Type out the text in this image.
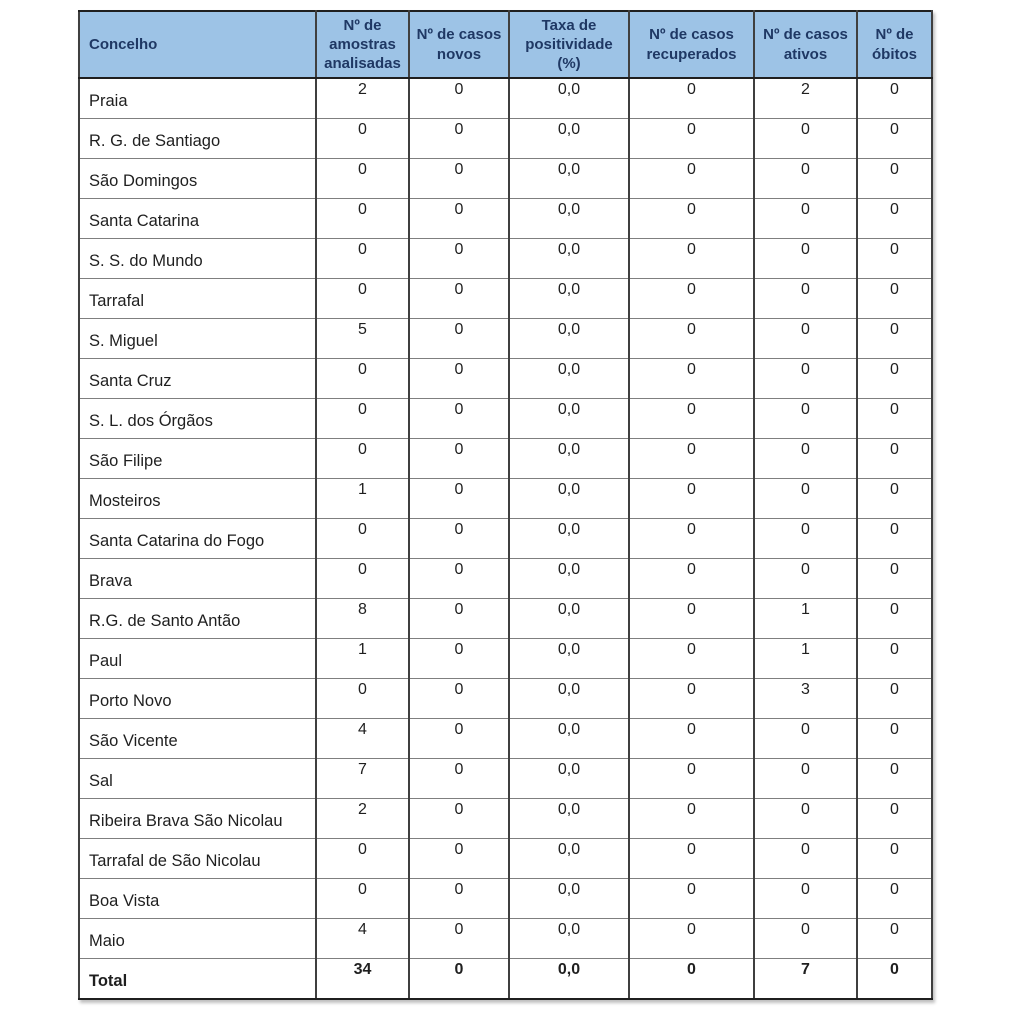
Concelho	Nº de amostras analisadas	Nº de casos novos	Taxa de positividade (%)	Nº de casos recuperados	Nº de casos ativos	Nº de óbitos
Praia	2	0	0,0	0	2	0
R. G. de Santiago	0	0	0,0	0	0	0
São Domingos	0	0	0,0	0	0	0
Santa Catarina	0	0	0,0	0	0	0
S. S. do Mundo	0	0	0,0	0	0	0
Tarrafal	0	0	0,0	0	0	0
S. Miguel	5	0	0,0	0	0	0
Santa Cruz	0	0	0,0	0	0	0
S. L. dos Órgãos	0	0	0,0	0	0	0
São Filipe	0	0	0,0	0	0	0
Mosteiros	1	0	0,0	0	0	0
Santa Catarina do Fogo	0	0	0,0	0	0	0
Brava	0	0	0,0	0	0	0
R.G. de Santo Antão	8	0	0,0	0	1	0
Paul	1	0	0,0	0	1	0
Porto Novo	0	0	0,0	0	3	0
São Vicente	4	0	0,0	0	0	0
Sal	7	0	0,0	0	0	0
Ribeira Brava São Nicolau	2	0	0,0	0	0	0
Tarrafal de São Nicolau	0	0	0,0	0	0	0
Boa Vista	0	0	0,0	0	0	0
Maio	4	0	0,0	0	0	0
Total	34	0	0,0	0	7	0
